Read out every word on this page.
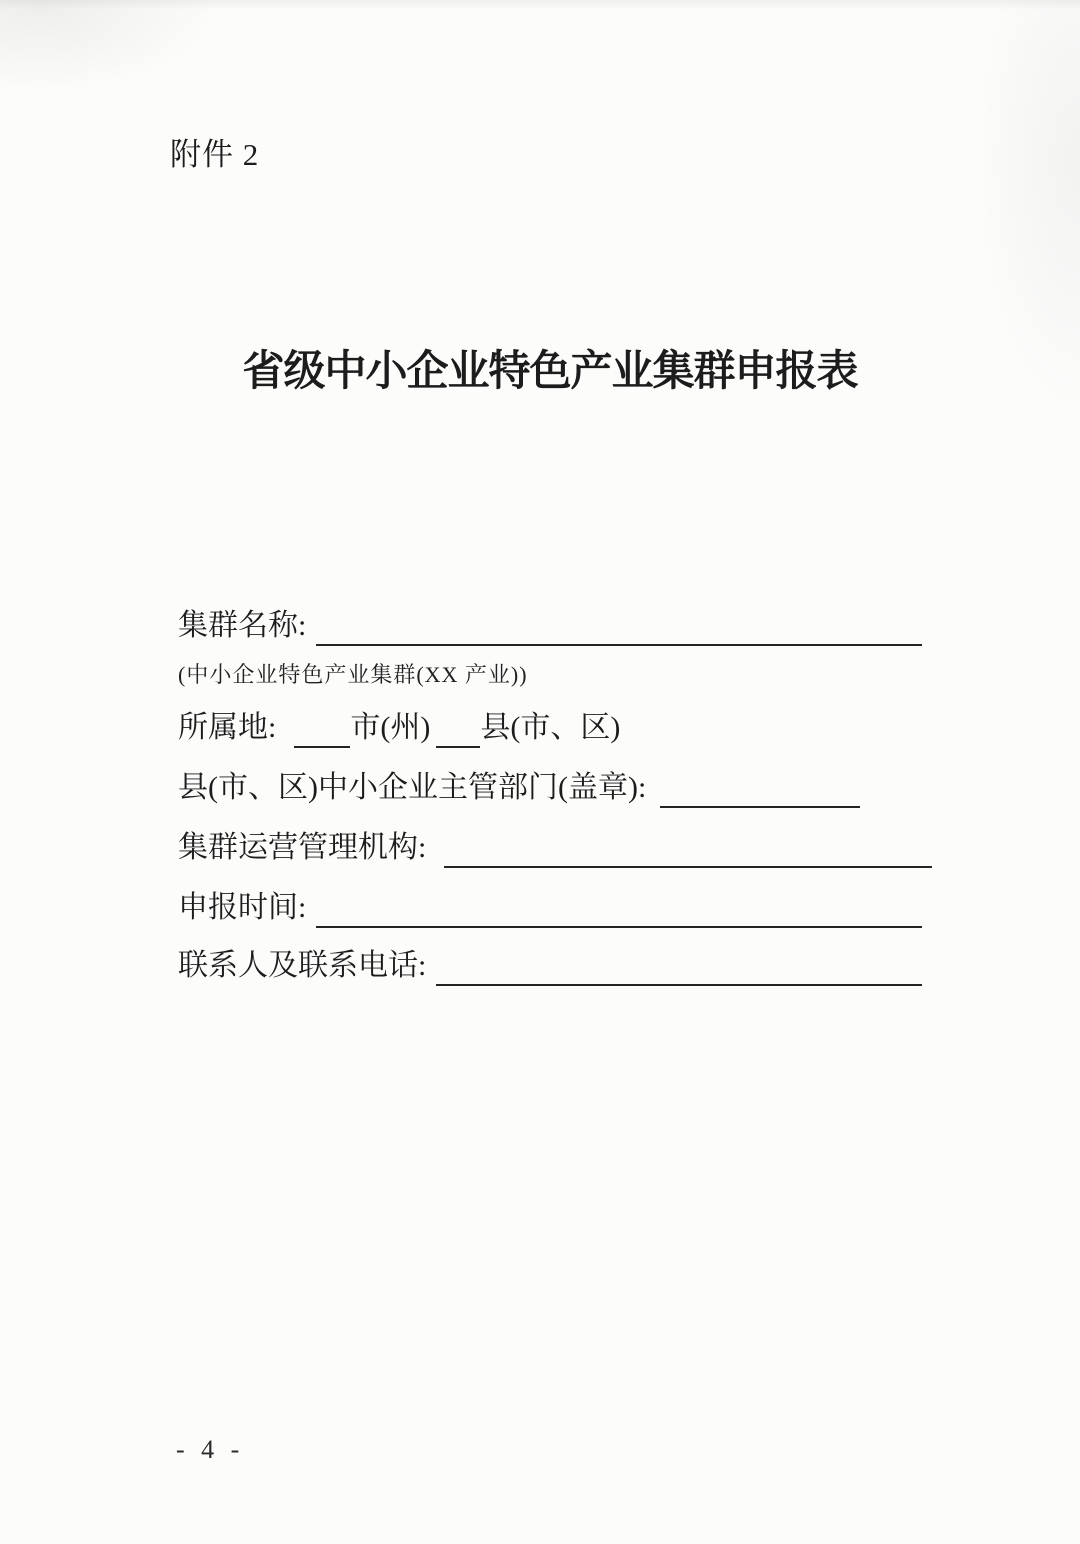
附件 2
省级中小企业特色产业集群申报表
集群名称:
(中小企业特色产业集群(XX 产业))
所属地: 市(州) 县(市、区)
县(市、区)中小企业主管部门(盖章):
集群运营管理机构:
申报时间:
联系人及联系电话:
- 4 -
